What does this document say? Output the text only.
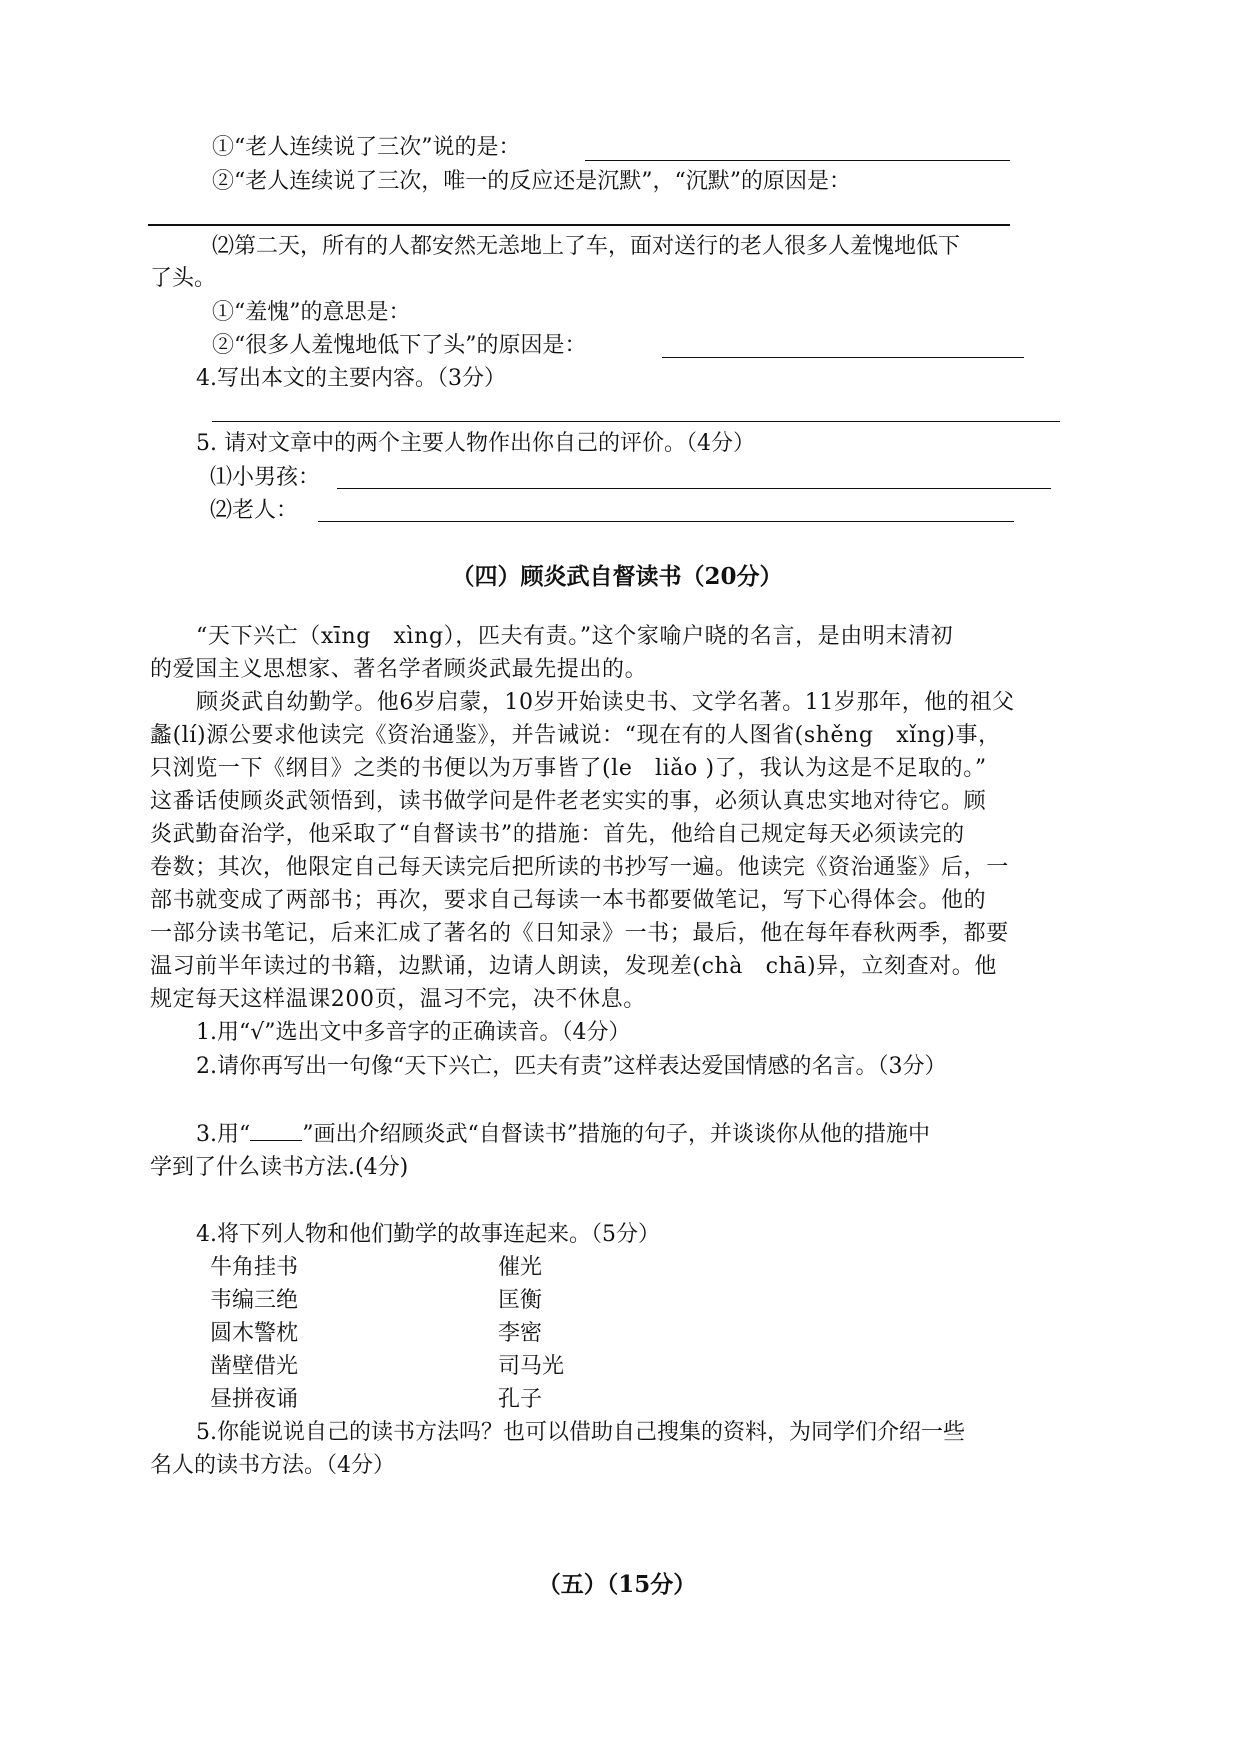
①“老人连续说了三次”说的是：
②“老人连续说了三次，唯一的反应还是沉默”，“沉默”的原因是：
⑵第二天，所有的人都安然无恙地上了车，面对送行的老人很多人羞愧地低下
了头。
①“羞愧”的意思是：
②“很多人羞愧地低下了头”的原因是：
4.写出本文的主要内容。（3分）
5. 请对文章中的两个主要人物作出你自己的评价。（4分）
⑴小男孩：
⑵老人：
（四）顾炎武自督读书（20分）
“天下兴亡（xīng　xìng），匹夫有责。”这个家喻户晓的名言，是由明末清初
的爱国主义思想家、著名学者顾炎武最先提出的。
顾炎武自幼勤学。他6岁启蒙，10岁开始读史书、文学名著。11岁那年，他的祖父
蠡(lí)源公要求他读完《资治通鉴》，并告诫说：“现在有的人图省(shěng　xǐng)事，
只浏览一下《纲目》之类的书便以为万事皆了(le　liǎo )了，我认为这是不足取的。”
这番话使顾炎武领悟到，读书做学问是件老老实实的事，必须认真忠实地对待它。顾
炎武勤奋治学，他采取了“自督读书”的措施：首先，他给自己规定每天必须读完的
卷数；其次，他限定自己每天读完后把所读的书抄写一遍。他读完《资治通鉴》后，一
部书就变成了两部书；再次，要求自己每读一本书都要做笔记，写下心得体会。他的
一部分读书笔记，后来汇成了著名的《日知录》一书；最后，他在每年春秋两季，都要
温习前半年读过的书籍，边默诵，边请人朗读，发现差(chà　chā)异，立刻查对。他
规定每天这样温课200页，温习不完，决不休息。
1.用“√”选出文中多音字的正确读音。（4分）
2.请你再写出一句像“天下兴亡，匹夫有责”这样表达爱国情感的名言。（3分）
3.用“ ”画出介绍顾炎武“自督读书”措施的句子，并谈谈你从他的措施中
学到了什么读书方法.(4分)
4.将下列人物和他们勤学的故事连起来。（5分）
牛角挂书	催光
韦编三绝	匡衡
圆木警枕	李密
凿壁借光	司马光
昼拼夜诵	孔子
5.你能说说自己的读书方法吗？也可以借助自己搜集的资料，为同学们介绍一些
名人的读书方法。（4分）
（五）（15分）
